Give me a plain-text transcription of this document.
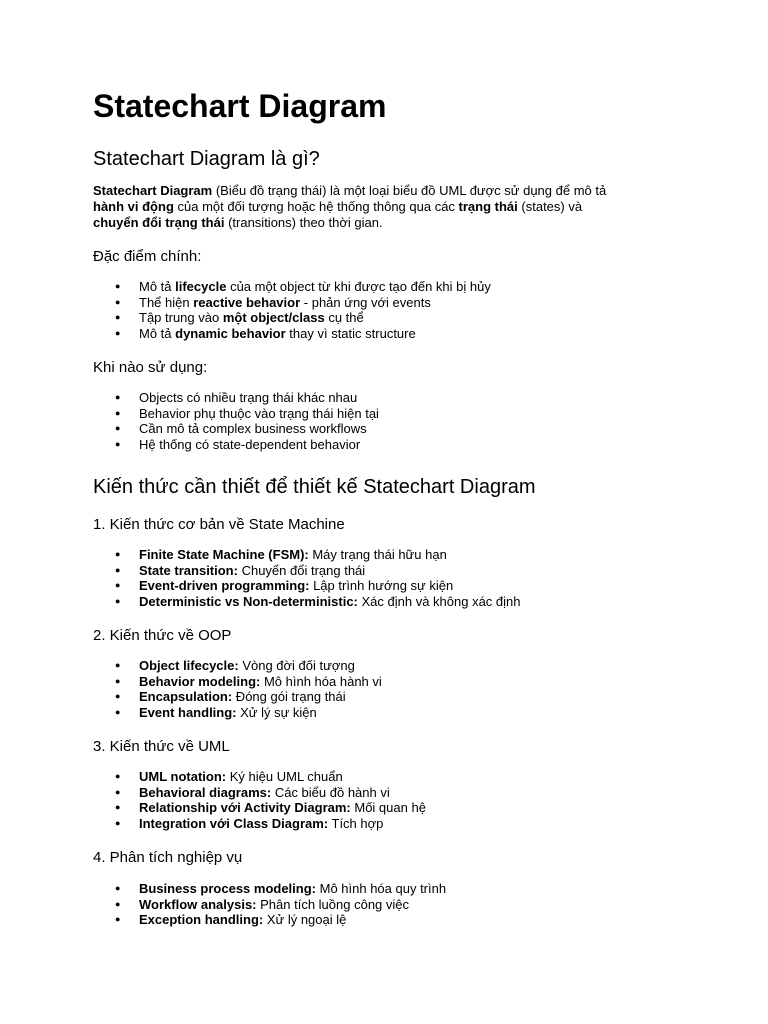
Statechart Diagram
Statechart Diagram là gì?

Statechart Diagram (Biểu đồ trạng thái) là một loại biểu đồ UML được sử dụng để mô tả
hành vi động của một đối tượng hoặc hệ thống thông qua các trạng thái (states) và
chuyển đổi trạng thái (transitions) theo thời gian.

Đặc điểm chính:
● Mô tả lifecycle của một object từ khi được tạo đến khi bị hủy
● Thể hiện reactive behavior - phản ứng với events
● Tập trung vào một object/class cụ thể
● Mô tả dynamic behavior thay vì static structure
Khi nào sử dụng:
● Objects có nhiều trạng thái khác nhau
● Behavior phụ thuộc vào trạng thái hiện tại
● Cần mô tả complex business workflows
● Hệ thống có state-dependent behavior
Kiến thức cần thiết để thiết kế Statechart Diagram
1. Kiến thức cơ bản về State Machine
● Finite State Machine (FSM): Máy trạng thái hữu hạn
● State transition: Chuyển đổi trạng thái
● Event-driven programming: Lập trình hướng sự kiện
● Deterministic vs Non-deterministic: Xác định và không xác định
2. Kiến thức về OOP
● Object lifecycle: Vòng đời đối tượng
● Behavior modeling: Mô hình hóa hành vi
● Encapsulation: Đóng gói trạng thái
● Event handling: Xử lý sự kiện
3. Kiến thức về UML
● UML notation: Ký hiệu UML chuẩn
● Behavioral diagrams: Các biểu đồ hành vi
● Relationship với Activity Diagram: Mối quan hệ
● Integration với Class Diagram: Tích hợp
4. Phân tích nghiệp vụ
● Business process modeling: Mô hình hóa quy trình
● Workflow analysis: Phân tích luồng công việc
● Exception handling: Xử lý ngoại lệ
